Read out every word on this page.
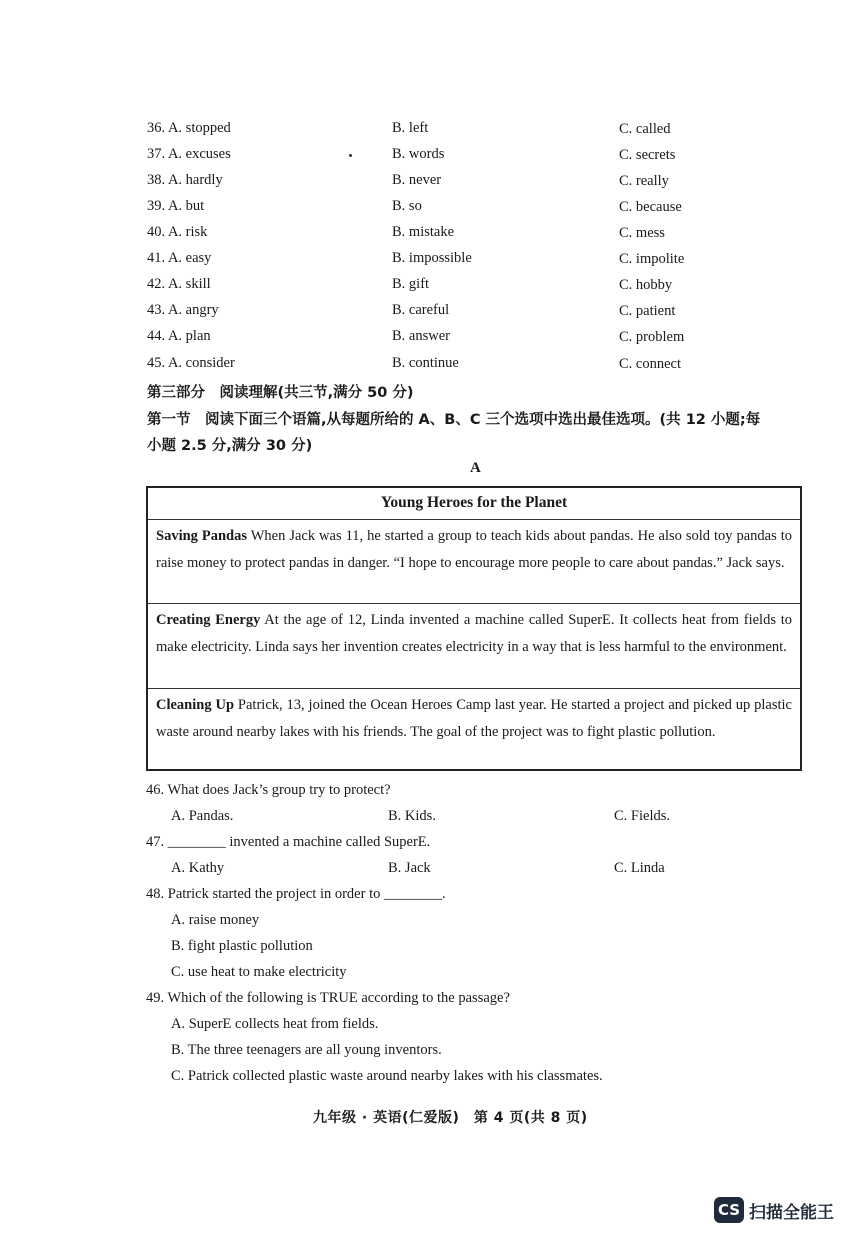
36. A. stopped	B. left	C. called
37. A. excuses	B. words	C. secrets
38. A. hardly	B. never	C. really
39. A. but	B. so	C. because
40. A. risk	B. mistake	C. mess
41. A. easy	B. impossible	C. impolite
42. A. skill	B. gift	C. hobby
43. A. angry	B. careful	C. patient
44. A. plan	B. answer	C. problem
45. A. consider	B. continue	C. connect
第三部分　阅读理解(共三节,满分 50 分)
第一节　阅读下面三个语篇,从每题所给的 A、B、C 三个选项中选出最佳选项。(共 12 小题;每
小题 2.5 分,满分 30 分)
A
Young Heroes for the Planet
Saving Pandas When Jack was 11, he started a group to teach kids about pandas. He also sold toy pandas to raise money to protect pandas in danger. “I hope to encourage more people to care about pandas.” Jack says.
Creating Energy At the age of 12, Linda invented a machine called SuperE. It collects heat from fields to make electricity. Linda says her invention creates electricity in a way that is less harmful to the environment.
Cleaning Up Patrick, 13, joined the Ocean Heroes Camp last year. He started a project and picked up plastic waste around nearby lakes with his friends. The goal of the project was to fight plastic pollution.
46. What does Jack’s group try to protect?
A. Pandas.	B. Kids.	C. Fields.
47. ________ invented a machine called SuperE.
A. Kathy	B. Jack	C. Linda
48. Patrick started the project in order to ________.
A. raise money
B. fight plastic pollution
C. use heat to make electricity
49. Which of the following is TRUE according to the passage?
A. SuperE collects heat from fields.
B. The three teenagers are all young inventors.
C. Patrick collected plastic waste around nearby lakes with his classmates.
九年级 · 英语(仁爱版)　第 4 页(共 8 页)
CS 扫描全能王
